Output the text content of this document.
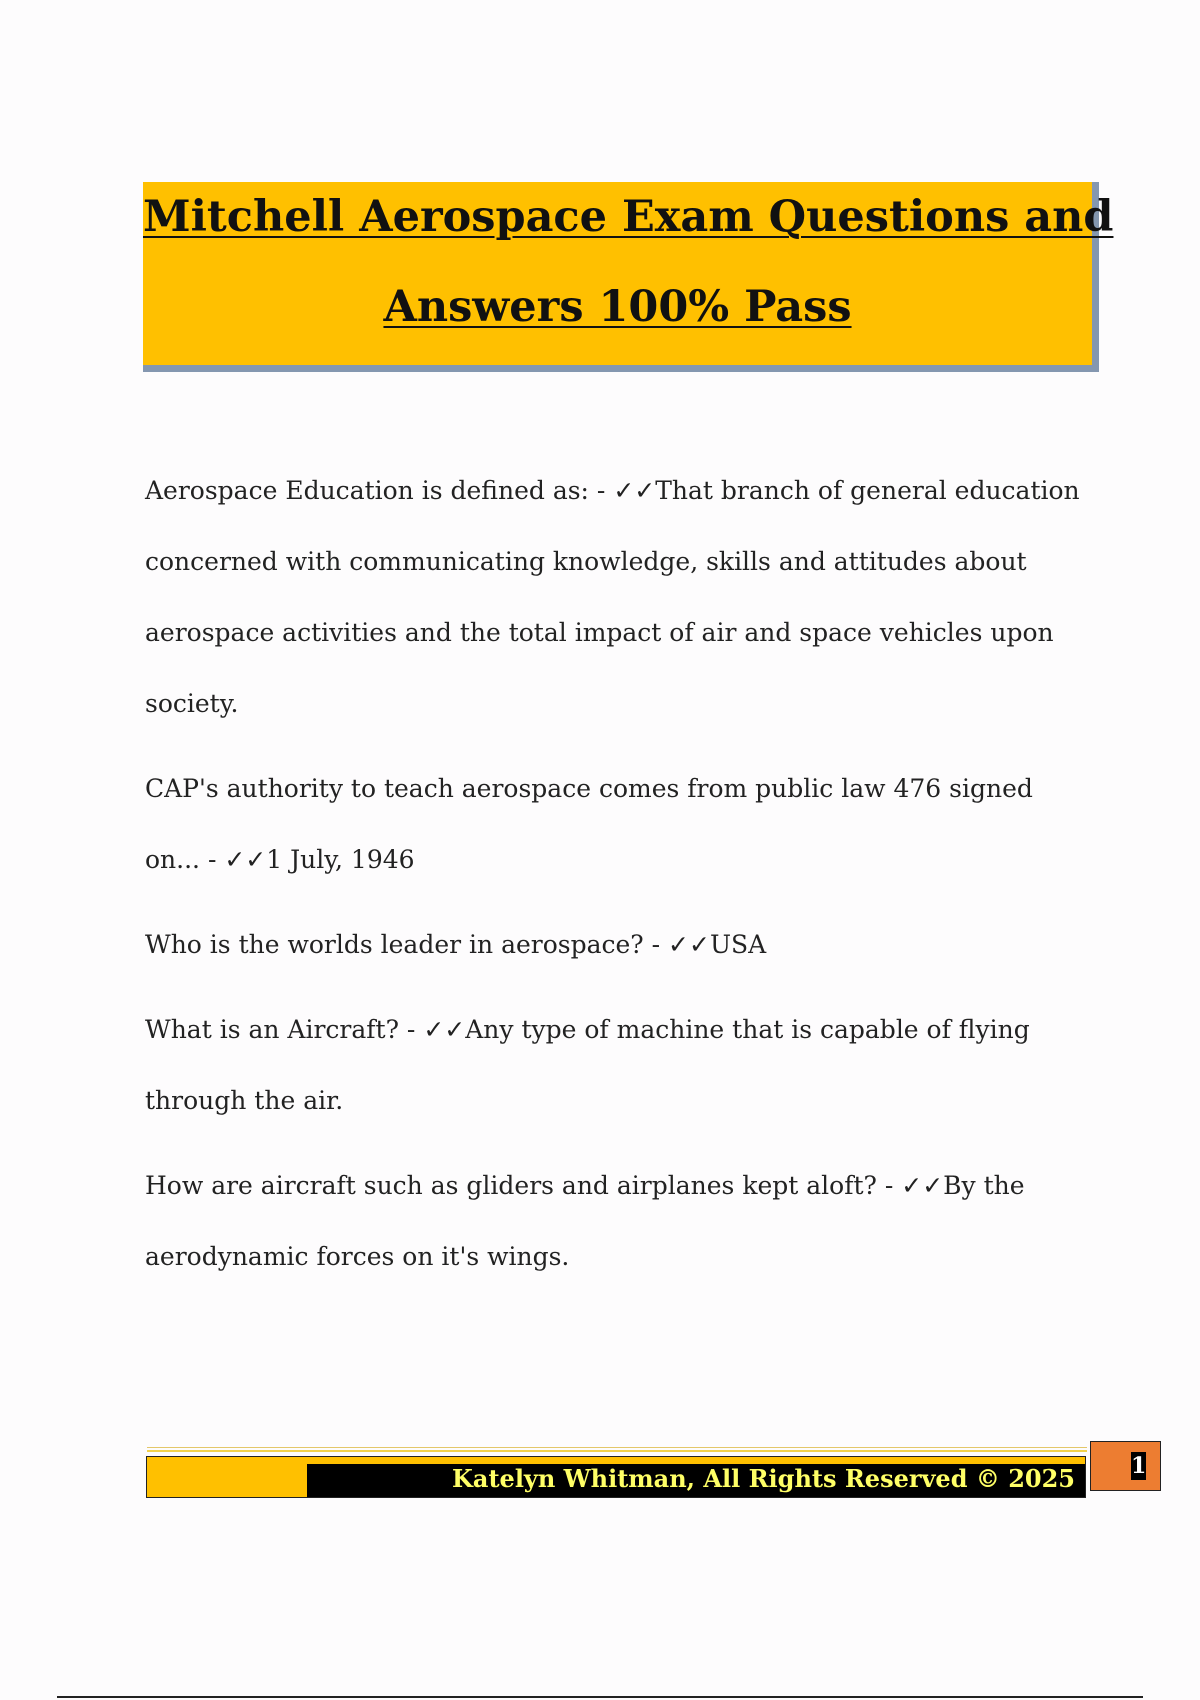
Mitchell Aerospace Exam Questions and
Answers 100% Pass

Aerospace Education is defined as: - ✓✓That branch of general education concerned with communicating knowledge, skills and attitudes about aerospace activities and the total impact of air and space vehicles upon society.

CAP's authority to teach aerospace comes from public law 476 signed on... - ✓✓1 July, 1946

Who is the worlds leader in aerospace? - ✓✓USA

What is an Aircraft? - ✓✓Any type of machine that is capable of flying through the air.

How are aircraft such as gliders and airplanes kept aloft? - ✓✓By the aerodynamic forces on it's wings.

Katelyn Whitman, All Rights Reserved © 2025	1
